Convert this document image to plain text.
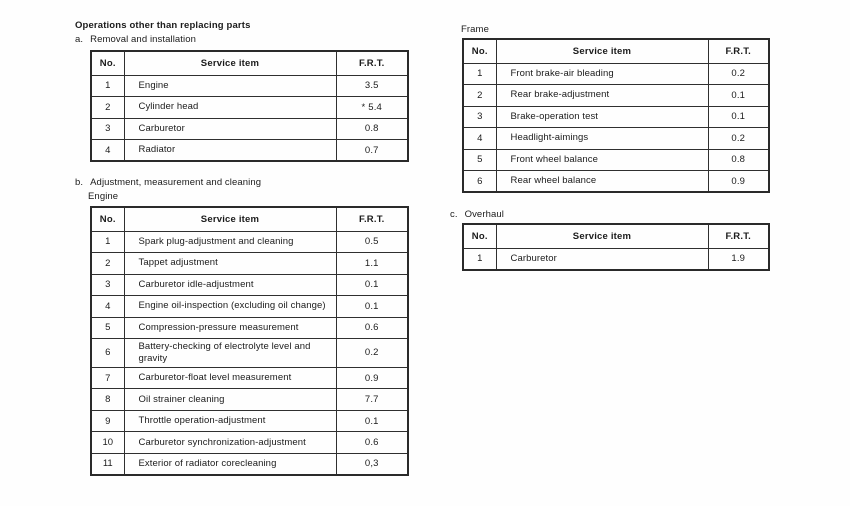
Operations other than replacing parts
a. Removal and installation
No.	Service item	F.R.T.
1	Engine	3.5
2	Cylinder head	* 5.4
3	Carburetor	0.8
4	Radiator	0.7
b. Adjustment, measurement and cleaning
Engine
No.	Service item	F.R.T.
1	Spark plug-adjustment and cleaning	0.5
2	Tappet adjustment	1.1
3	Carburetor idle-adjustment	0.1
4	Engine oil-inspection (excluding oil change)	0.1
5	Compression-pressure measurement	0.6
6	Battery-checking of electrolyte level and gravity	0.2
7	Carburetor-float level measurement	0.9
8	Oil strainer cleaning	7.7
9	Throttle operation-adjustment	0.1
10	Carburetor synchronization-adjustment	0.6
11	Exterior of radiator corecleaning	0,3
Frame
No.	Service item	F.R.T.
1	Front brake-air bleading	0.2
2	Rear brake-adjustment	0.1
3	Brake-operation test	0.1
4	Headlight-aimings	0.2
5	Front wheel balance	0.8
6	Rear wheel balance	0.9
c. Overhaul
No.	Service item	F.R.T.
1	Carburetor	1.9
